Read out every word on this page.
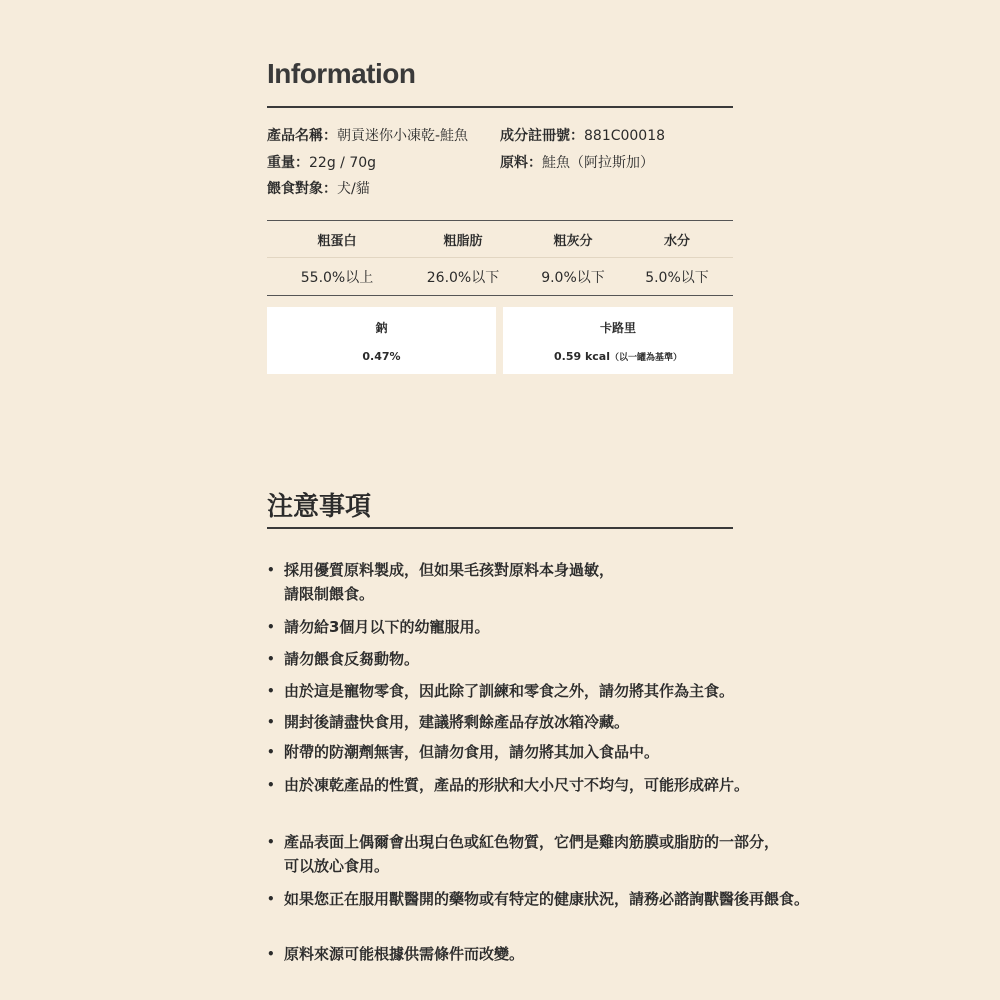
Information
產品名稱：朝貢迷你小凍乾-鮭魚 成分註冊號：881C00018
重量：22g / 70g	原料：鮭魚（阿拉斯加）
餵食對象：犬/貓
粗蛋白	粗脂肪	粗灰分	水分
55.0%以上	26.0%以下	9.0%以下	5.0%以下
鈉
0.47%
卡路里
0.59 kcal（以一罐為基準）
注意事項
• 採用優質原料製成，但如果毛孩對原料本身過敏，
請限制餵食。
• 請勿給3個月以下的幼寵服用。
• 請勿餵食反芻動物。
• 由於這是寵物零食，因此除了訓練和零食之外，請勿將其作為主食。
• 開封後請盡快食用，建議將剩餘產品存放冰箱冷藏。
• 附帶的防潮劑無害，但請勿食用，請勿將其加入食品中。
• 由於凍乾產品的性質，產品的形狀和大小尺寸不均勻，可能形成碎片。
• 產品表面上偶爾會出現白色或紅色物質，它們是雞肉筋膜或脂肪的一部分，
可以放心食用。
• 如果您正在服用獸醫開的藥物或有特定的健康狀況，請務必諮詢獸醫後再餵食。
• 原料來源可能根據供需條件而改變。
